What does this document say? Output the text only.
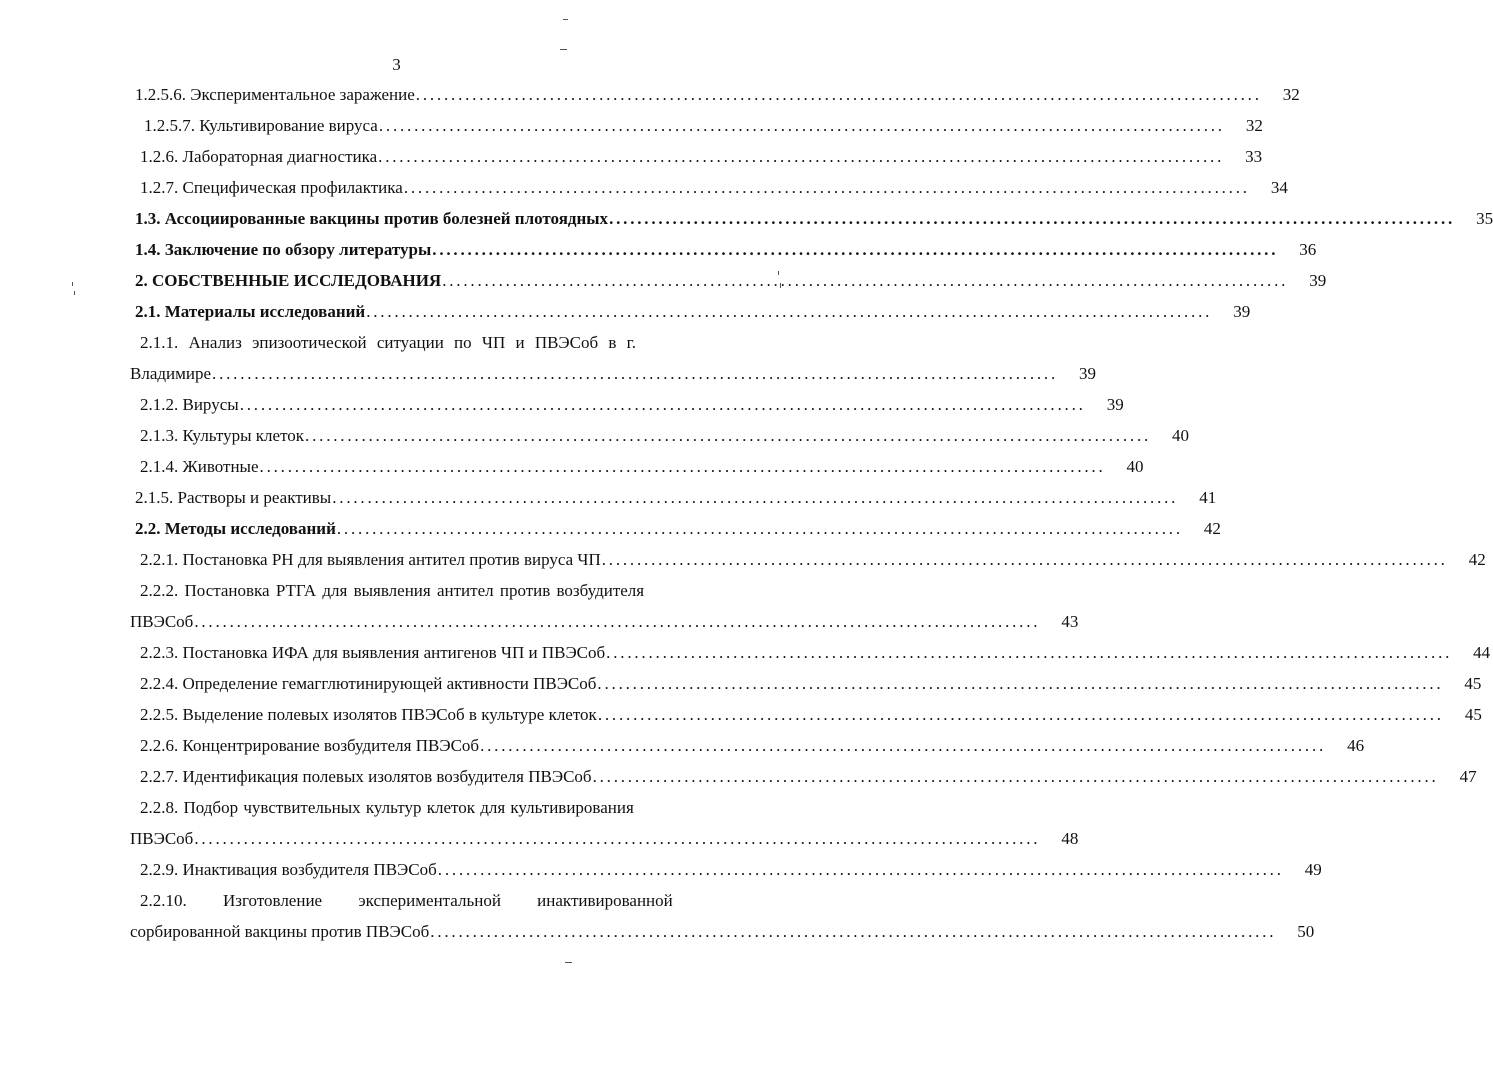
3
1.2.5.6. Экспериментальное заражение ........................................................................................................................	32
1.2.5.7. Культивирование вируса ........................................................................................................................	32
1.2.6. Лабораторная диагностика ........................................................................................................................	33
1.2.7. Специфическая профилактика ........................................................................................................................	34
1.3. Ассоциированные вакцины против болезней плотоядных ........................................................................................................................	35
1.4. Заключение по обзору литературы ........................................................................................................................	36
2. СОБСТВЕННЫЕ ИССЛЕДОВАНИЯ ........................................................................................................................	39
2.1. Материалы исследований ........................................................................................................................	39
2.1.1. Анализ эпизоотической ситуации по ЧП и ПВЭСоб в г.
Владимире ........................................................................................................................	39
2.1.2. Вирусы ........................................................................................................................	39
2.1.3. Культуры клеток ........................................................................................................................	40
2.1.4. Животные ........................................................................................................................	40
2.1.5. Растворы и реактивы ........................................................................................................................	41
2.2. Методы исследований ........................................................................................................................	42
2.2.1. Постановка РН для выявления антител против вируса ЧП ........................................................................................................................	42
2.2.2. Постановка РТГА для выявления антител против возбудителя
ПВЭСоб ........................................................................................................................	43
2.2.3. Постановка ИФА для выявления антигенов ЧП и ПВЭСоб ........................................................................................................................	44
2.2.4. Определение гемагглютинирующей активности ПВЭСоб ........................................................................................................................	45
2.2.5. Выделение полевых изолятов ПВЭСоб в культуре клеток ........................................................................................................................	45
2.2.6. Концентрирование возбудителя ПВЭСоб ........................................................................................................................	46
2.2.7. Идентификация полевых изолятов возбудителя ПВЭСоб ........................................................................................................................	47
2.2.8. Подбор чувствительных культур клеток для культивирования
ПВЭСоб ........................................................................................................................	48
2.2.9. Инактивация возбудителя ПВЭСоб ........................................................................................................................	49
2.2.10. Изготовление экспериментальной инактивированной
сорбированной вакцины против ПВЭСоб ........................................................................................................................	50
